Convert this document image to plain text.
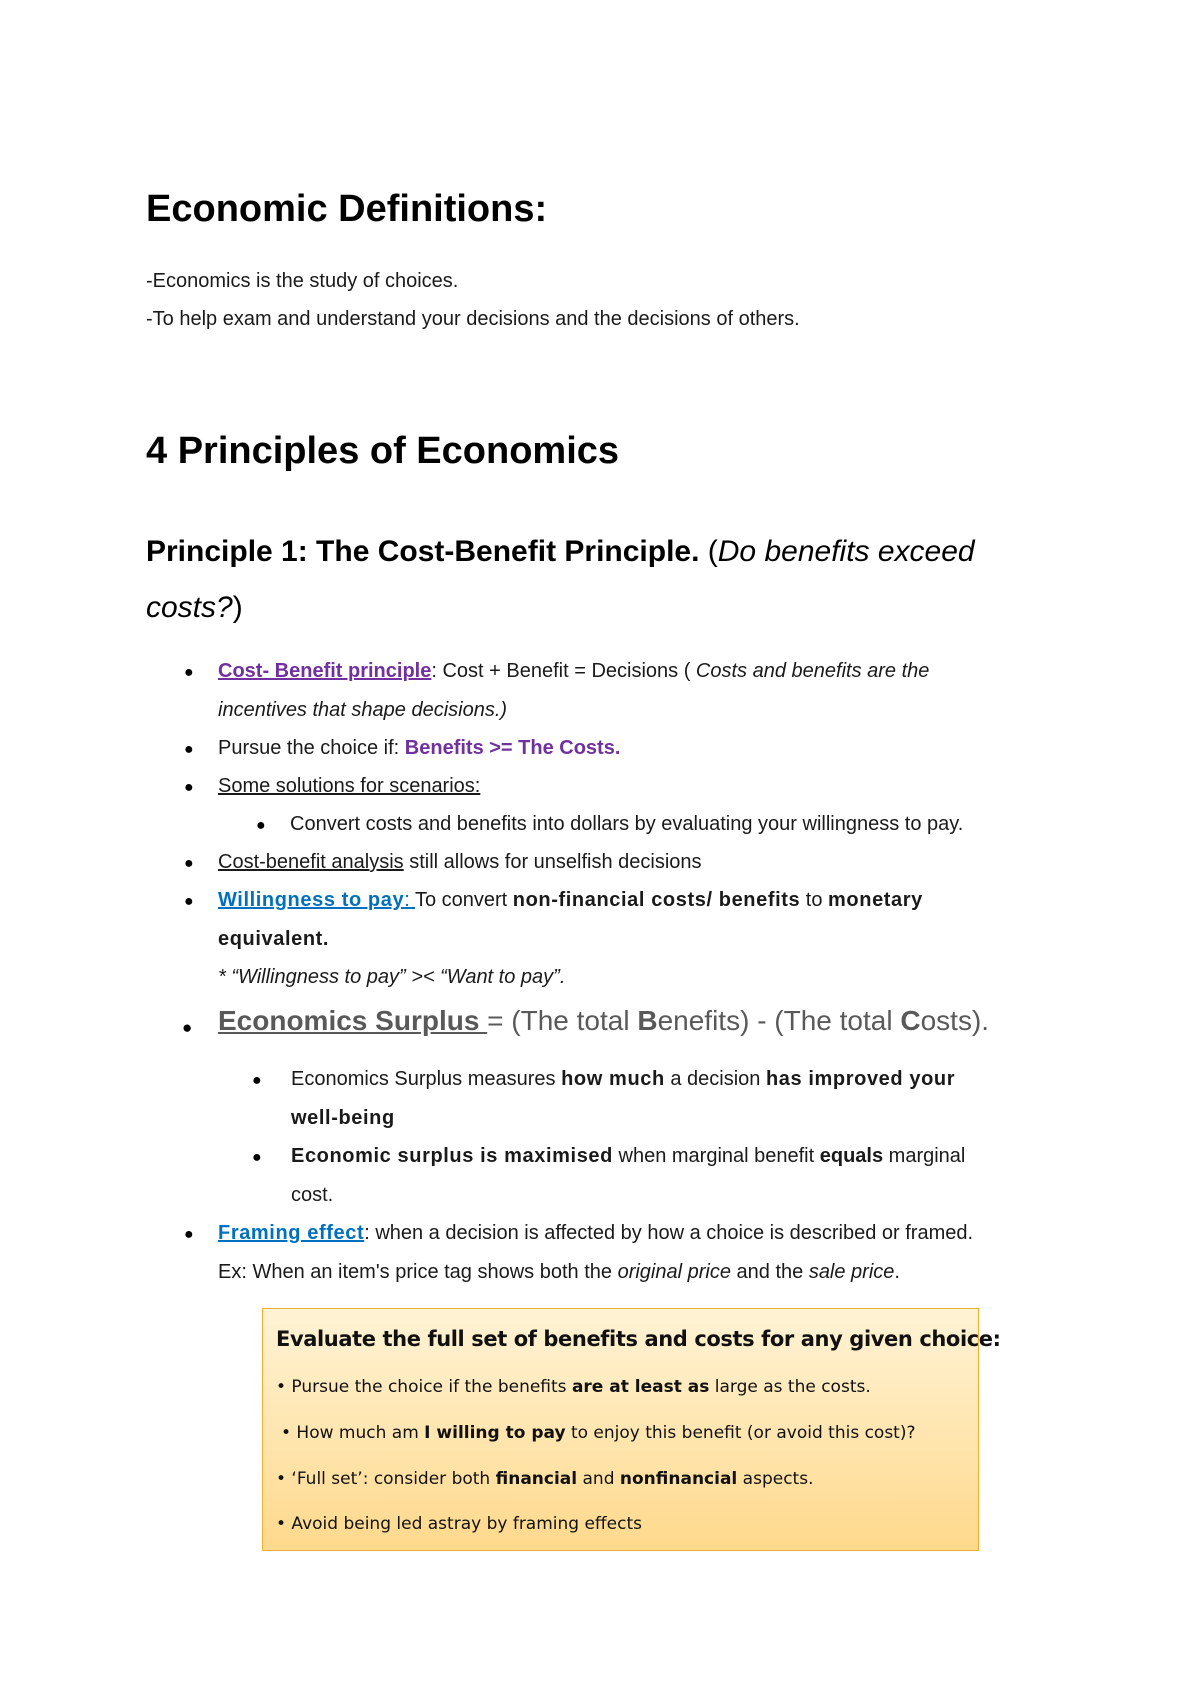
Economic Definitions:
-Economics is the study of choices.
-To help exam and understand your decisions and the decisions of others.
4 Principles of Economics
Principle 1: The Cost-Benefit Principle. (Do benefits exceed
costs?)
● Cost- Benefit principle: Cost + Benefit = Decisions ( Costs and benefits are the
incentives that shape decisions.)
● Pursue the choice if: Benefits >= The Costs.
● Some solutions for scenarios:
● Convert costs and benefits into dollars by evaluating your willingness to pay.
● Cost-benefit analysis still allows for unselfish decisions
● Willingness to pay: To convert non-financial costs/ benefits to monetary
equivalent.
* “Willingness to pay” >< “Want to pay”.
● Economics Surplus = (The total Benefits) - (The total Costs).
● Economics Surplus measures how much a decision has improved your
well-being
● Economic surplus is maximised when marginal benefit equals marginal
cost.
● Framing effect: when a decision is affected by how a choice is described or framed.
Ex: When an item's price tag shows both the original price and the sale price.
Evaluate the full set of benefits and costs for any given choice:
• Pursue the choice if the benefits are at least as large as the costs.
• How much am I willing to pay to enjoy this benefit (or avoid this cost)?
• ‘Full set’: consider both financial and nonfinancial aspects.
• Avoid being led astray by framing effects
